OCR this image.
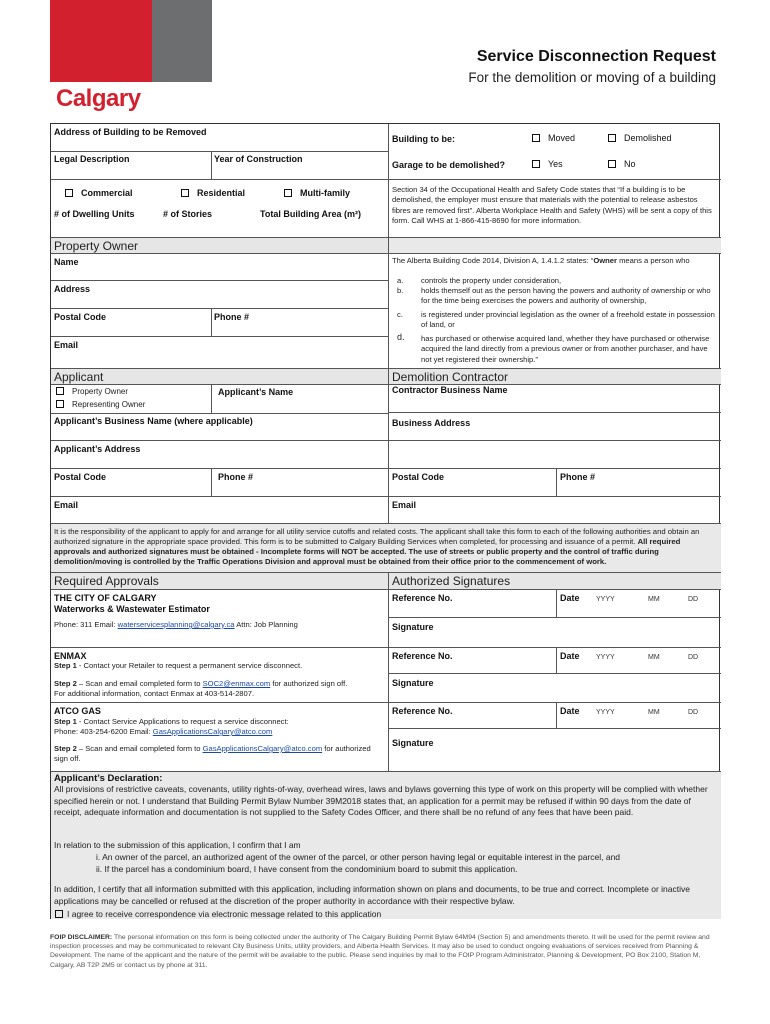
Calgary
Service Disconnection Request
For the demolition or moving of a building
Address of Building to be Removed
Legal Description	Year of Construction
Commercial	Residential	Multi-family
# of Dwelling Units	# of Stories	Total Building Area (m²)
Building to be:	Moved	Demolished
Garage to be demolished?	Yes	No
Section 34 of the Occupational Health and Safety Code states that “If a building is to be demolished, the employer must ensure that materials with the potential to release asbestos fibres are removed first”. Alberta Workplace Health and Safety (WHS) will be sent a copy of this form. Call WHS at 1-866-415-8690 for more information.
Property Owner
Name
Address
Postal Code	Phone #
Email
The Alberta Building Code 2014, Division A, 1.4.1.2 states: “Owner means a person who
a. controls the property under consideration,
b. holds themself out as the person having the powers and authority of ownership or who for the time being exercises the powers and authority of ownership,
c. is registered under provincial legislation as the owner of a freehold estate in possession of land, or
d. has purchased or otherwise acquired land, whether they have purchased or otherwise acquired the land directly from a previous owner or from another purchaser, and have not yet registered their ownership.”
Applicant	Demolition Contractor
Property Owner
Representing Owner
Applicant’s Name
Applicant’s Business Name (where applicable)
Applicant’s Address
Postal Code	Phone #
Email
Contractor Business Name
Business Address
Postal Code	Phone #
Email
It is the responsibility of the applicant to apply for and arrange for all utility service cutoffs and related costs. The applicant shall take this form to each of the following authorities and obtain an authorized signature in the appropriate space provided. This form is to be submitted to Calgary Building Services when completed, for processing and issuance of a permit. All required approvals and authorized signatures must be obtained - Incomplete forms will NOT be accepted. The use of streets or public property and the control of traffic during demolition/moving is controlled by the Traffic Operations Division and approval must be obtained from their office prior to the commencement of work.
Required Approvals	Authorized Signatures
THE CITY OF CALGARY
Waterworks & Wastewater Estimator
Phone: 311 Email: waterservicesplanning@calgary.ca Attn: Job Planning
Reference No.	Date YYYY	MM	DD
Signature
ENMAX
Step 1 - Contact your Retailer to request a permanent service disconnect.
Step 2 – Scan and email completed form to SOC2@enmax.com for authorized sign off.
For additional information, contact Enmax at 403-514-2807.
Reference No.	Date YYYY	MM	DD
Signature
ATCO GAS
Step 1 - Contact Service Applications to request a service disconnect:
Phone: 403-254-6200 Email: GasApplicationsCalgary@atco.com
Step 2 – Scan and email completed form to GasApplicationsCalgary@atco.com for authorized sign off.
Reference No.	Date YYYY	MM	DD
Signature
Applicant’s Declaration:
All provisions of restrictive caveats, covenants, utility rights-of-way, overhead wires, laws and bylaws governing this type of work on this property will be complied with whether specified herein or not. I understand that Building Permit Bylaw Number 39M2018 states that, an application for a permit may be refused if within 90 days from the date of receipt, adequate information and documentation is not supplied to the Safety Codes Officer, and there shall be no refund of any fees that have been paid.
In relation to the submission of this application, I confirm that I am
i. An owner of the parcel, an authorized agent of the owner of the parcel, or other person having legal or equitable interest in the parcel, and
ii. If the parcel has a condominium board, I have consent from the condominium board to submit this application.
In addition, I certify that all information submitted with this application, including information shown on plans and documents, to be true and correct. Incomplete or inactive applications may be cancelled or refused at the discretion of the proper authority in accordance with their respective bylaw.
I agree to receive correspondence via electronic message related to this application
FOIP DISCLAIMER: The personal information on this form is being collected under the authority of The Calgary Building Permit Bylaw 64M94 (Section 5) and amendments thereto. It will be used for the permit review and inspection processes and may be communicated to relevant City Business Units, utility providers, and Alberta Health Services. It may also be used to conduct ongoing evaluations of services received from Planning & Development. The name of the applicant and the nature of the permit will be available to the public. Please send inquiries by mail to the FOIP Program Administrator, Planning & Development, PO Box 2100, Station M, Calgary, AB T2P 2M5 or contact us by phone at 311.
